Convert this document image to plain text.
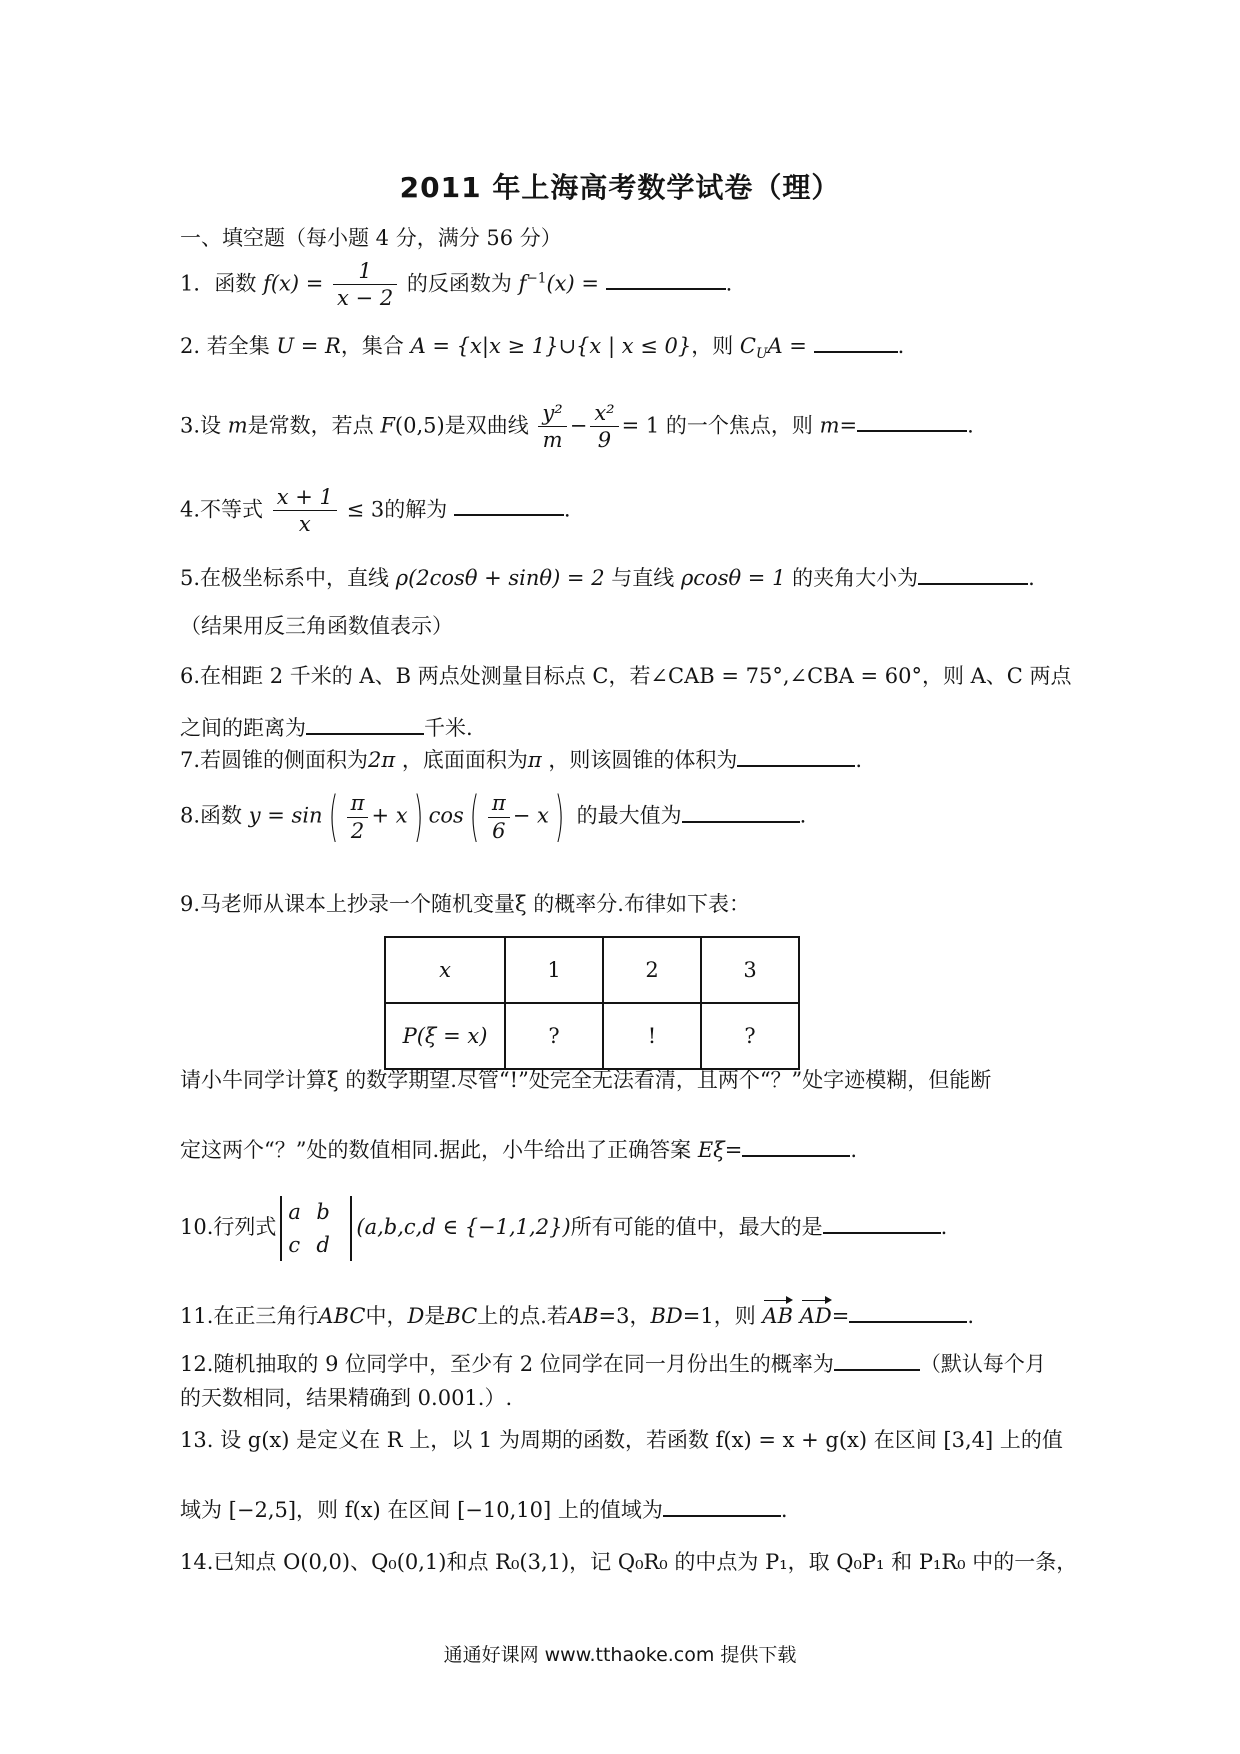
2011 年上海高考数学试卷（理）
一、填空题（每小题 4 分，满分 56 分）
1．函数 $f(x) = \frac{1}{x - 2}$ 的反函数为 $f^{-1}(x)$ =	.
2. 若全集 U = R，集合 A = {x|x ≥ 1}∪{x | x ≤ 0}，则 $C_UA$ =	.
3.设 m是常数，若点 F(0,5)是双曲线 $\frac{\text{y²}}{m} - \frac{\text{x²}}{9} = 1$ 的一个焦点，则 m=	.
4.不等式 $\frac{x + 1}{x} \le 3$的解为	.
5.在极坐标系中，直线 ρ(2cosθ + sinθ) = 2 与直线 ρcosθ = 1 的夹角大小为	.
（结果用反三角函数值表示）
6.在相距 2 千米的 A、B 两点处测量目标点 C，若∠CAB = 75°,∠CBA = 60°，则 A、C 两点
之间的距离为	千米.
7.若圆锥的侧面积为2π ，底面面积为π ，则该圆锥的体积为	.
8.函数 y = sin ( $\frac{\pi}{2} + x$ ) cos ( $\frac{\pi}{6} - x$ ) 的最大值为	.
9.马老师从课本上抄录一个随机变量ξ 的概率分.布律如下表：
x	1	2	3
P(ξ = x)	?	!	?
请小牛同学计算ξ 的数学期望.尽管“!”处完全无法看清，且两个“？”处字迹模糊，但能断
定这两个“？”处的数值相同.据此，小牛给出了正确答案 Eξ=	.
10.行列式a b
c d(a,b,c,d ∈ {−1,1,2})所有可能的值中，最大的是	.
11.在正三角行ABC中，D是BC上的点.若AB=3，BD=1，则 AB AD=	.
12.随机抽取的 9 位同学中，至少有 2 位同学在同一月份出生的概率为	（默认每个月
的天数相同，结果精确到 0.001.）.
13. 设 g(x) 是定义在 R 上，以 1 为周期的函数，若函数 f(x) = x + g(x) 在区间 [3,4] 上的值
域为 [−2,5]，则 f(x) 在区间 [−10,10] 上的值域为	.
14.已知点 O(0,0)、Q₀(0,1)和点 R₀(3,1)，记 Q₀R₀ 的中点为 P₁，取 Q₀P₁ 和 P₁R₀ 中的一条，
通通好课网 www.tthaoke.com 提供下载
